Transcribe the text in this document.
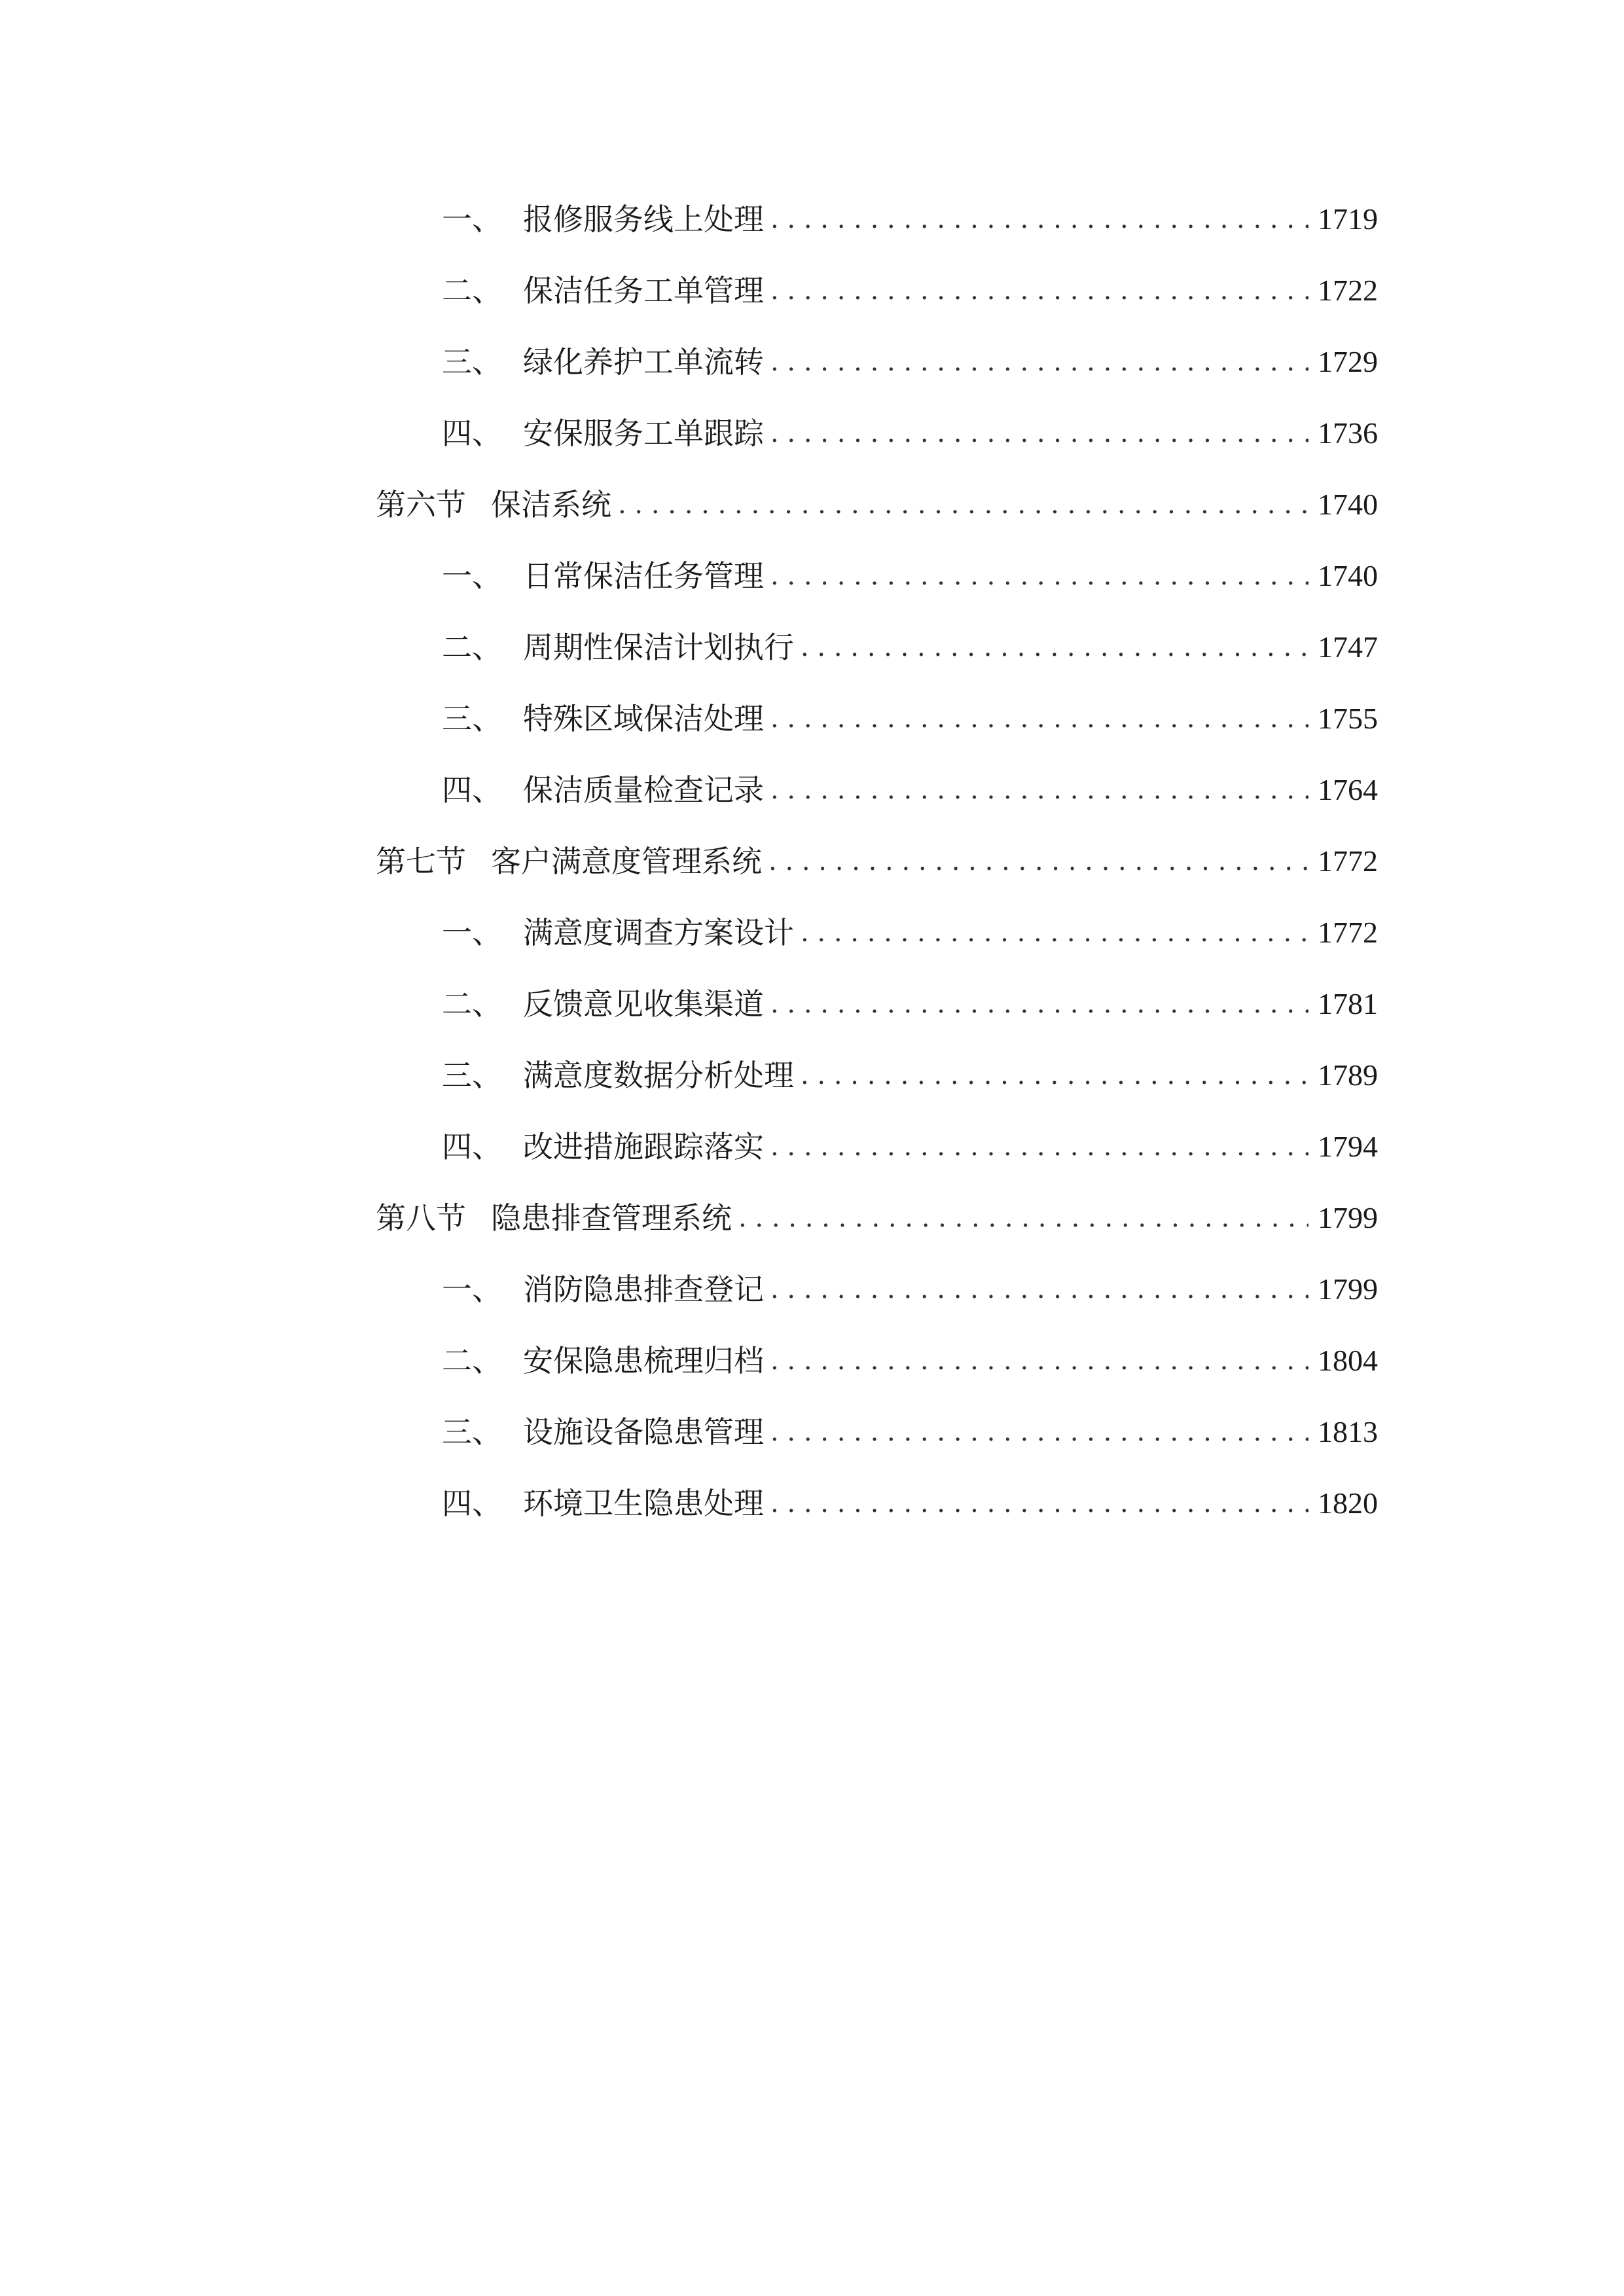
一、 报修服务线上处理 . . .	1719
二、 保洁任务工单管理 . . .	1722
三、 绿化养护工单流转 . . .	1729
四、 安保服务工单跟踪 . . .	1736
第六节 保洁系统 . . .	1740
一、 日常保洁任务管理 . . .	1740
二、 周期性保洁计划执行 . . .	1747
三、 特殊区域保洁处理 . . .	1755
四、 保洁质量检查记录 . . .	1764
第七节 客户满意度管理系统 . . .	1772
一、 满意度调查方案设计 . . .	1772
二、 反馈意见收集渠道 . . .	1781
三、 满意度数据分析处理 . . .	1789
四、 改进措施跟踪落实 . . .	1794
第八节 隐患排查管理系统 . . .	1799
一、 消防隐患排查登记 . . .	1799
二、 安保隐患梳理归档 . . .	1804
三、 设施设备隐患管理 . . .	1813
四、 环境卫生隐患处理 . . .	1820
